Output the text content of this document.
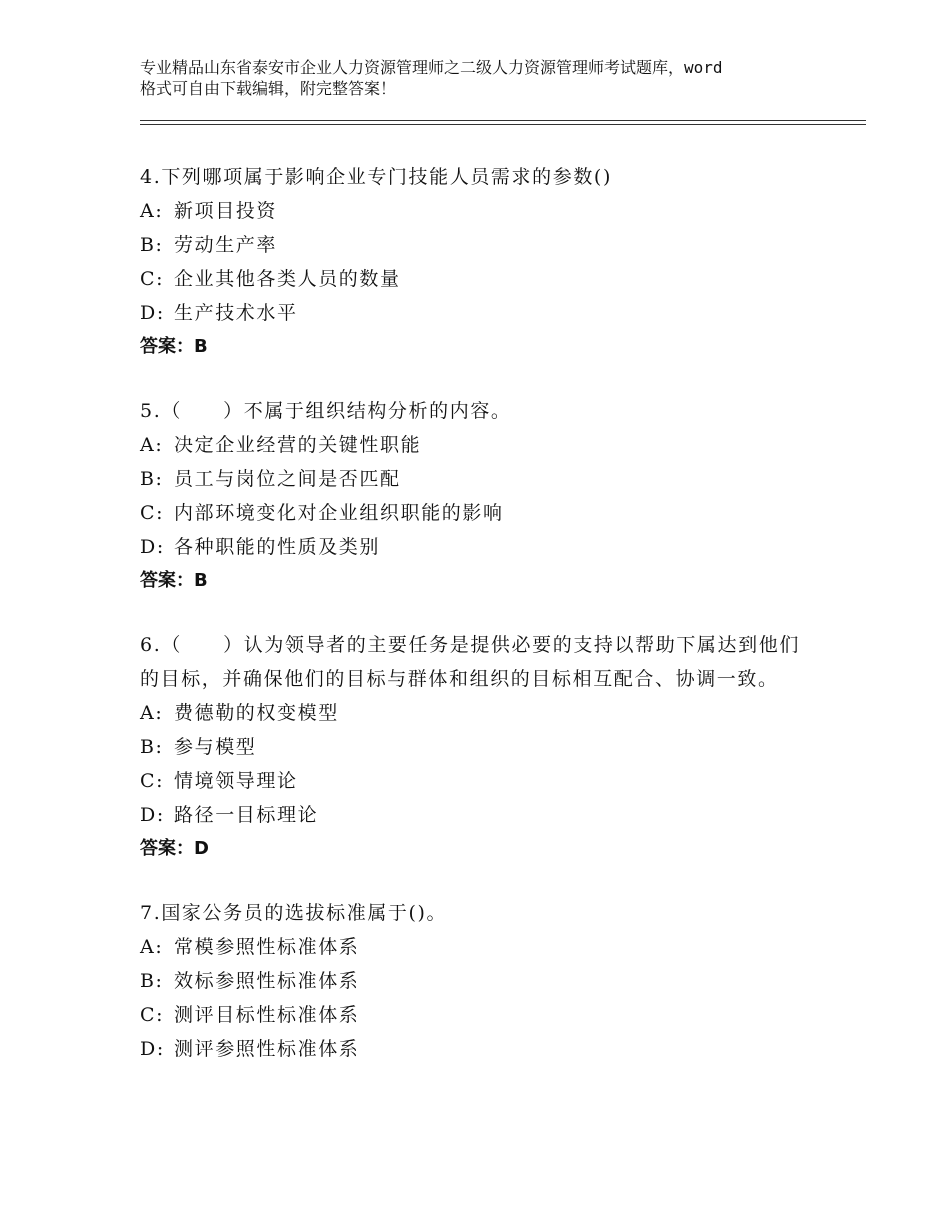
专业精品山东省泰安市企业人力资源管理师之二级人力资源管理师考试题库，word
格式可自由下载编辑，附完整答案！

4.下列哪项属于影响企业专门技能人员需求的参数()

A: 新项目投资

B: 劳动生产率

C: 企业其他各类人员的数量

D: 生产技术水平

答案：B

5.（　　）不属于组织结构分析的内容。

A: 决定企业经营的关键性职能

B: 员工与岗位之间是否匹配

C: 内部环境变化对企业组织职能的影响

D: 各种职能的性质及类别

答案：B

6.（　　）认为领导者的主要任务是提供必要的支持以帮助下属达到他们的目标，并确保他们的目标与群体和组织的目标相互配合、协调一致。

A: 费德勒的权变模型

B: 参与模型

C: 情境领导理论

D: 路径一目标理论

答案：D

7.国家公务员的选拔标准属于()。

A: 常模参照性标准体系

B: 效标参照性标准体系

C: 测评目标性标准体系

D: 测评参照性标准体系
